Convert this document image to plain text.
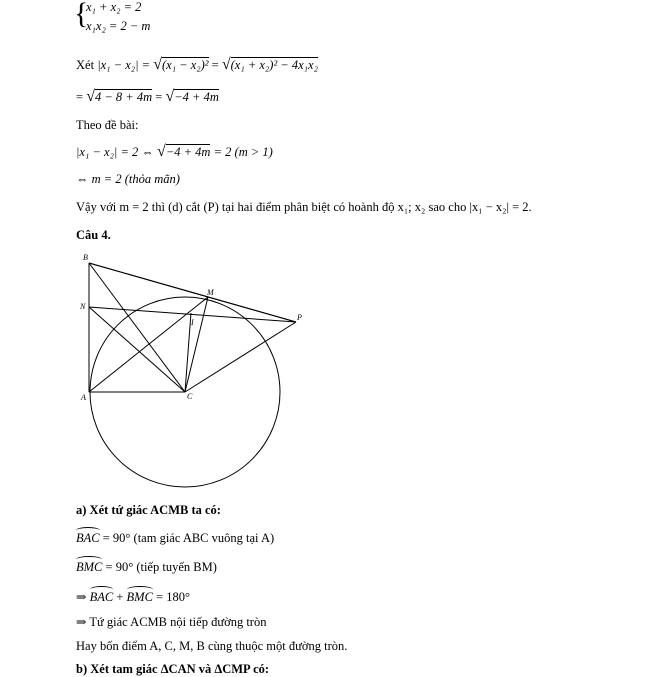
{
x₁ + x₂ = 2
x₁x₂ = 2 − m
Xét |x₁ − x₂| = √(x₁ − x₂)² = √(x₁ + x₂)² − 4x₁x₂
= √4 − 8 + 4m = √−4 + 4m
Theo đề bài:
|x₁ − x₂| = 2 ⇔ √−4 + 4m = 2 (m > 1)
⇔ m = 2 (thỏa mãn)
Vậy với m = 2 thì (d) cắt (P) tại hai điểm phân biệt có hoành độ x₁; x₂ sao cho |x₁ − x₂| = 2.
Câu 4.
B
N
M
I
P
A	C
a) Xét tứ giác ACMB ta có:
BAC = 90° (tam giác ABC vuông tại A)
BMC = 90° (tiếp tuyến BM)
⇒ BAC + BMC = 180°
⇒ Tứ giác ACMB nội tiếp đường tròn
Hay bốn điểm A, C, M, B cùng thuộc một đường tròn.
b) Xét tam giác ΔCAN và ΔCMP có:
